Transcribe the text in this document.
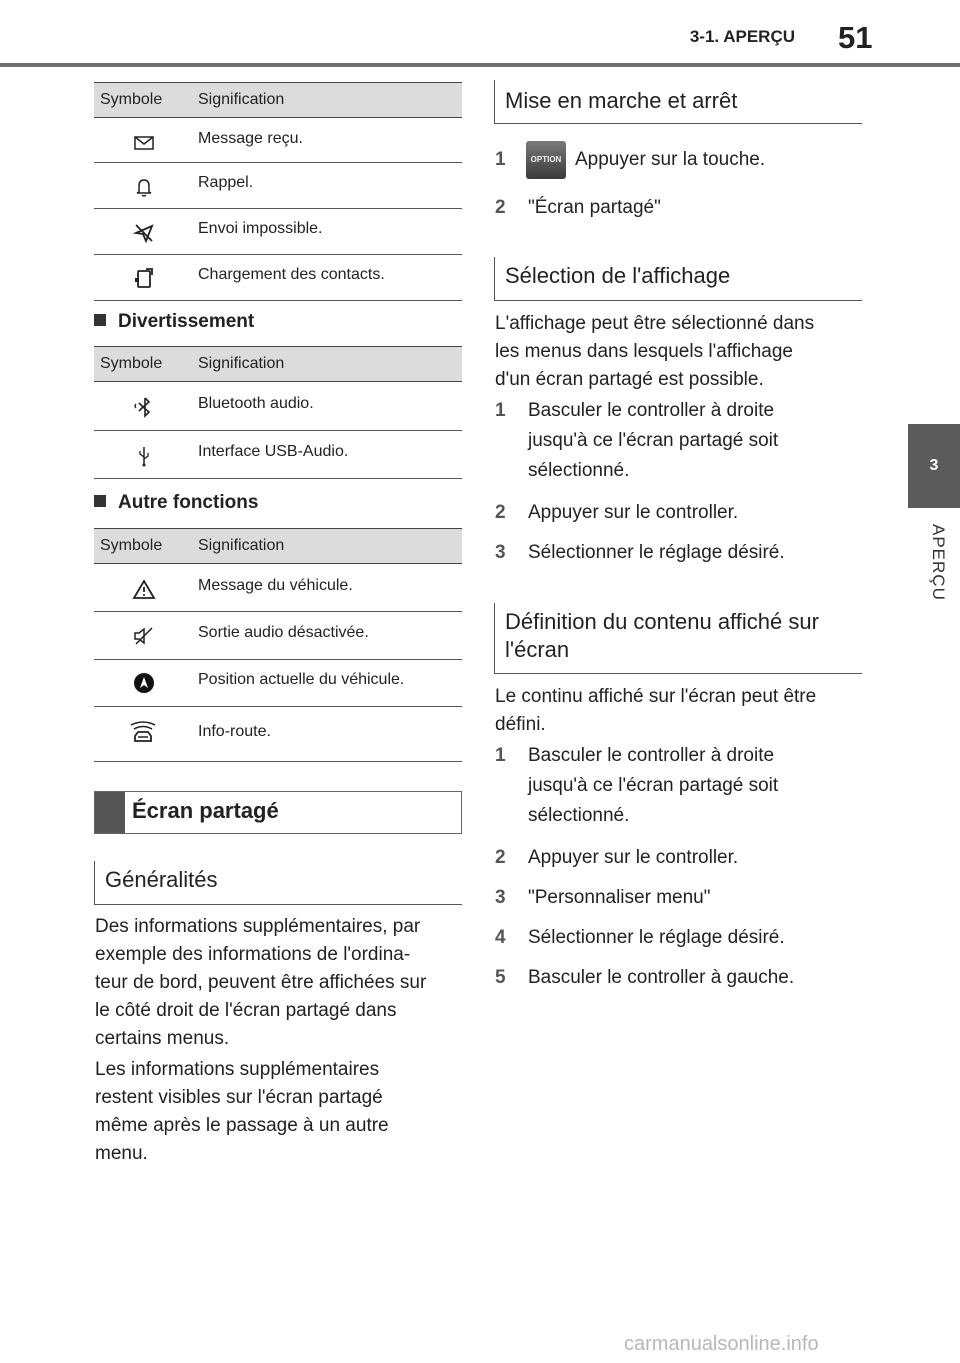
3-1. APERÇU 51
3
APERÇU
Symbole Signification
Message reçu.
Rappel.
Envoi impossible.
Chargement des contacts.
Divertissement
Symbole Signification
Bluetooth audio.
Interface USB-Audio.
Autre fonctions
Symbole Signification
Message du véhicule.
Sortie audio désactivée.
Position actuelle du véhicule.
Info-route.
Écran partagé
Généralités
Des informations supplémentaires, par
exemple des informations de l'ordina-
teur de bord, peuvent être affichées sur
le côté droit de l'écran partagé dans
certains menus.
Les informations supplémentaires
restent visibles sur l'écran partagé
même après le passage à un autre
menu.
Mise en marche et arrêt
1	Appuyer sur la touche.
OPTION
2 "Écran partagé"
Sélection de l'affichage
L'affichage peut être sélectionné dans
les menus dans lesquels l'affichage
d'un écran partagé est possible.
1 Basculer le controller à droite
jusqu'à ce l'écran partagé soit
sélectionné.
2 Appuyer sur le controller.
3 Sélectionner le réglage désiré.
Définition du contenu affiché sur
l'écran
Le continu affiché sur l'écran peut être
défini.
1 Basculer le controller à droite
jusqu'à ce l'écran partagé soit
sélectionné.
2 Appuyer sur le controller.
3 "Personnaliser menu"
4 Sélectionner le réglage désiré.
5 Basculer le controller à gauche.
carmanualsonline.info
